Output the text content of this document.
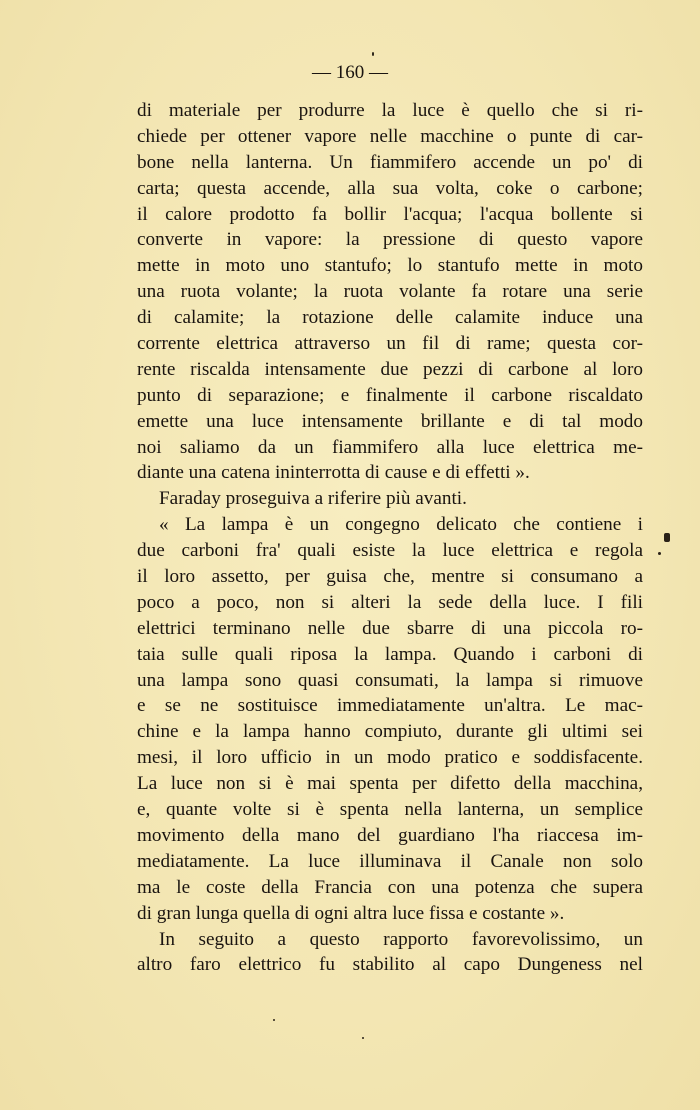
— 160 —
di materiale per produrre la luce è quello che si ri-
chiede per ottener vapore nelle macchine o punte di car-
bone nella lanterna. Un fiammifero accende un po' di
carta; questa accende, alla sua volta, coke o carbone;
il calore prodotto fa bollir l'acqua; l'acqua bollente si
converte in vapore: la pressione di questo vapore
mette in moto uno stantufo; lo stantufo mette in moto
una ruota volante; la ruota volante fa rotare una serie
di calamite; la rotazione delle calamite induce una
corrente elettrica attraverso un fil di rame; questa cor-
rente riscalda intensamente due pezzi di carbone al loro
punto di separazione; e finalmente il carbone riscaldato
emette una luce intensamente brillante e di tal modo
noi saliamo da un fiammifero alla luce elettrica me-
diante una catena ininterrotta di cause e di effetti ».
Faraday proseguiva a riferire più avanti.
« La lampa è un congegno delicato che contiene i
due carboni fra' quali esiste la luce elettrica e regola
il loro assetto, per guisa che, mentre si consumano a
poco a poco, non si alteri la sede della luce. I fili
elettrici terminano nelle due sbarre di una piccola ro-
taia sulle quali riposa la lampa. Quando i carboni di
una lampa sono quasi consumati, la lampa si rimuove
e se ne sostituisce immediatamente un'altra. Le mac-
chine e la lampa hanno compiuto, durante gli ultimi sei
mesi, il loro ufficio in un modo pratico e soddisfacente.
La luce non si è mai spenta per difetto della macchina,
e, quante volte si è spenta nella lanterna, un semplice
movimento della mano del guardiano l'ha riaccesa im-
mediatamente. La luce illuminava il Canale non solo
ma le coste della Francia con una potenza che supera
di gran lunga quella di ogni altra luce fissa e costante ».
In seguito a questo rapporto favorevolissimo, un
altro faro elettrico fu stabilito al capo Dungeness nel
